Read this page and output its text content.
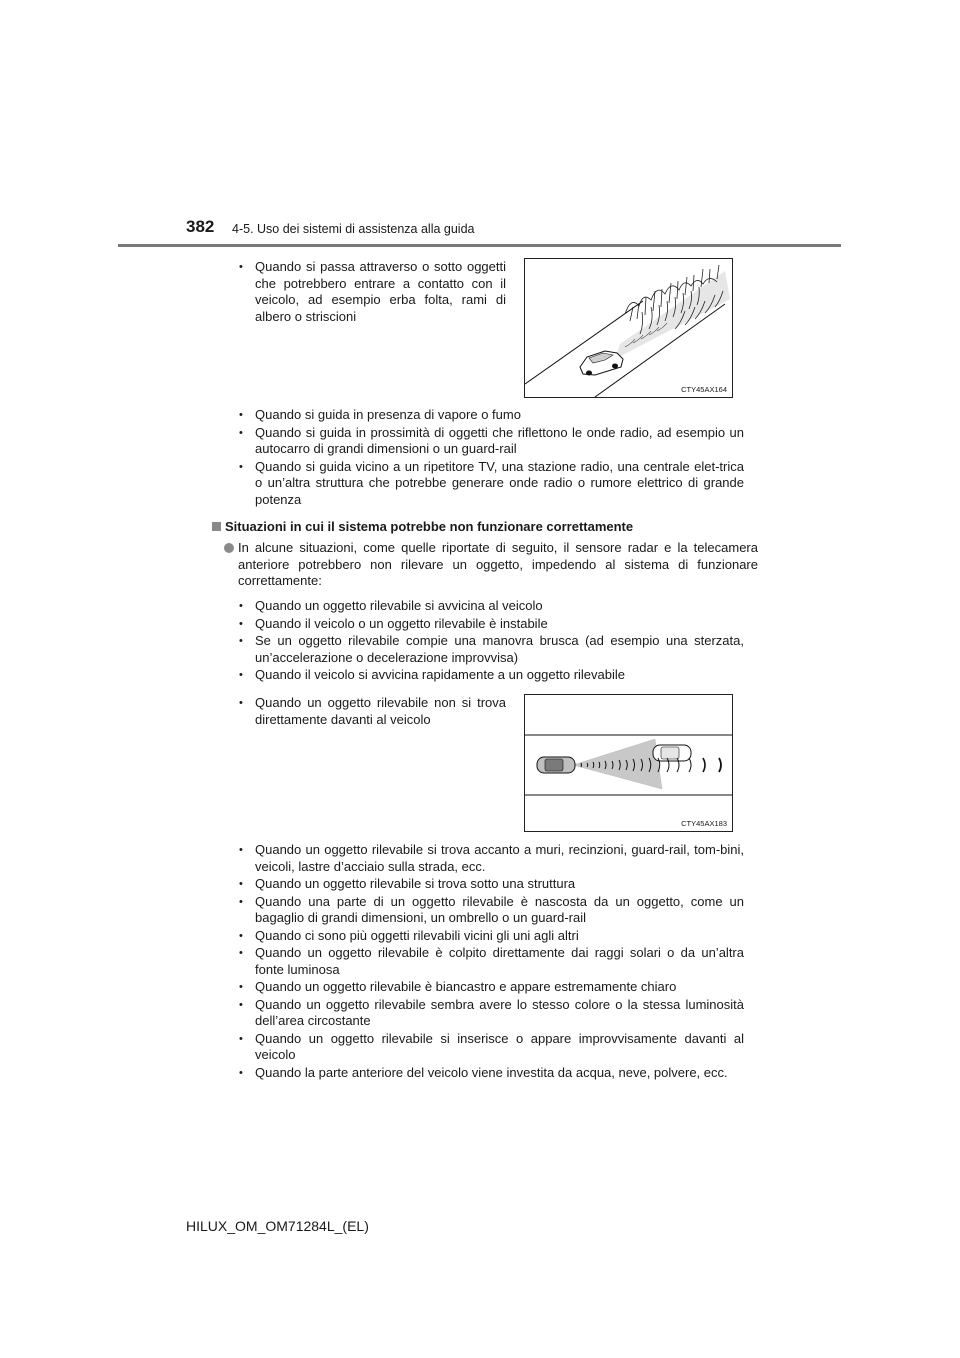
382 4-5. Uso dei sistemi di assistenza alla guida
• Quando si passa attraverso o sotto oggetti che potrebbero entrare a contatto con il veicolo, ad esempio erba folta, rami di albero o striscioni
CTY45AX164
• Quando si guida in presenza di vapore o fumo
• Quando si guida in prossimità di oggetti che riflettono le onde radio, ad esempio un autocarro di grandi dimensioni o un guard-rail
• Quando si guida vicino a un ripetitore TV, una stazione radio, una centrale elet-trica o un’altra struttura che potrebbe generare onde radio o rumore elettrico di grande potenza
Situazioni in cui il sistema potrebbe non funzionare correttamente
In alcune situazioni, come quelle riportate di seguito, il sensore radar e la telecamera anteriore potrebbero non rilevare un oggetto, impedendo al sistema di funzionare correttamente:
• Quando un oggetto rilevabile si avvicina al veicolo
• Quando il veicolo o un oggetto rilevabile è instabile
• Se un oggetto rilevabile compie una manovra brusca (ad esempio una sterzata, un’accelerazione o decelerazione improvvisa)
• Quando il veicolo si avvicina rapidamente a un oggetto rilevabile
• Quando un oggetto rilevabile non si trova direttamente davanti al veicolo
CTY45AX183
• Quando un oggetto rilevabile si trova accanto a muri, recinzioni, guard-rail, tom-bini, veicoli, lastre d’acciaio sulla strada, ecc.
• Quando un oggetto rilevabile si trova sotto una struttura
• Quando una parte di un oggetto rilevabile è nascosta da un oggetto, come un bagaglio di grandi dimensioni, un ombrello o un guard-rail
• Quando ci sono più oggetti rilevabili vicini gli uni agli altri
• Quando un oggetto rilevabile è colpito direttamente dai raggi solari o da un’altra fonte luminosa
• Quando un oggetto rilevabile è biancastro e appare estremamente chiaro
• Quando un oggetto rilevabile sembra avere lo stesso colore o la stessa luminosità dell’area circostante
• Quando un oggetto rilevabile si inserisce o appare improvvisamente davanti al veicolo
• Quando la parte anteriore del veicolo viene investita da acqua, neve, polvere, ecc.
HILUX_OM_OM71284L_(EL)
